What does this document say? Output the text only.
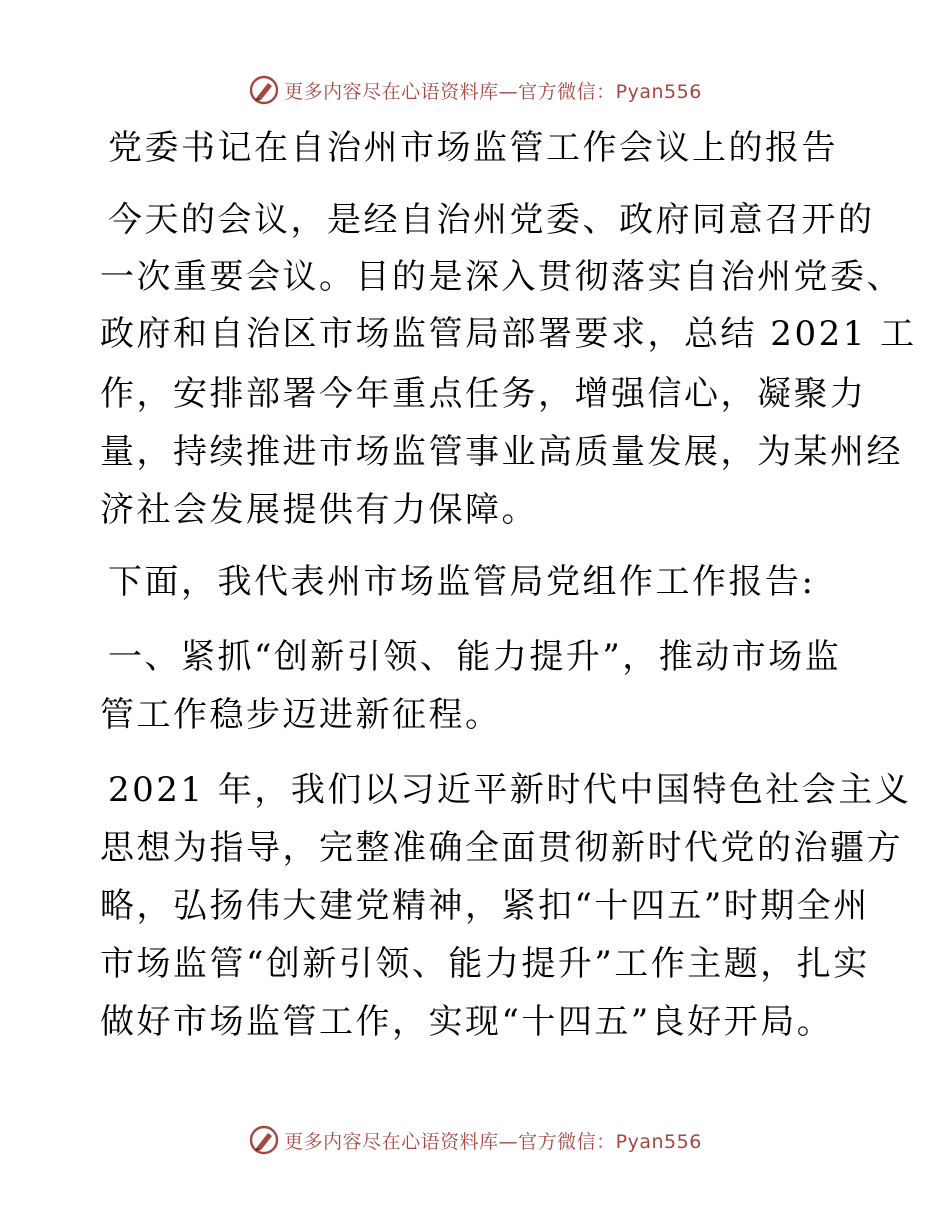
更多内容尽在心语资料库—官方微信：Pyan556
党委书记在自治州市场监管工作会议上的报告
今天的会议，是经自治州党委、政府同意召开的
一次重要会议。目的是深入贯彻落实自治州党委、
政府和自治区市场监管局部署要求，总结 2021 工
作，安排部署今年重点任务，增强信心，凝聚力
量，持续推进市场监管事业高质量发展，为某州经
济社会发展提供有力保障。
下面，我代表州市场监管局党组作工作报告:
一、紧抓“创新引领、能力提升”，推动市场监
管工作稳步迈进新征程。
2021 年，我们以习近平新时代中国特色社会主义
思想为指导，完整准确全面贯彻新时代党的治疆方
略，弘扬伟大建党精神，紧扣“十四五”时期全州
市场监管“创新引领、能力提升”工作主题，扎实
做好市场监管工作，实现“十四五”良好开局。
更多内容尽在心语资料库—官方微信：Pyan556
